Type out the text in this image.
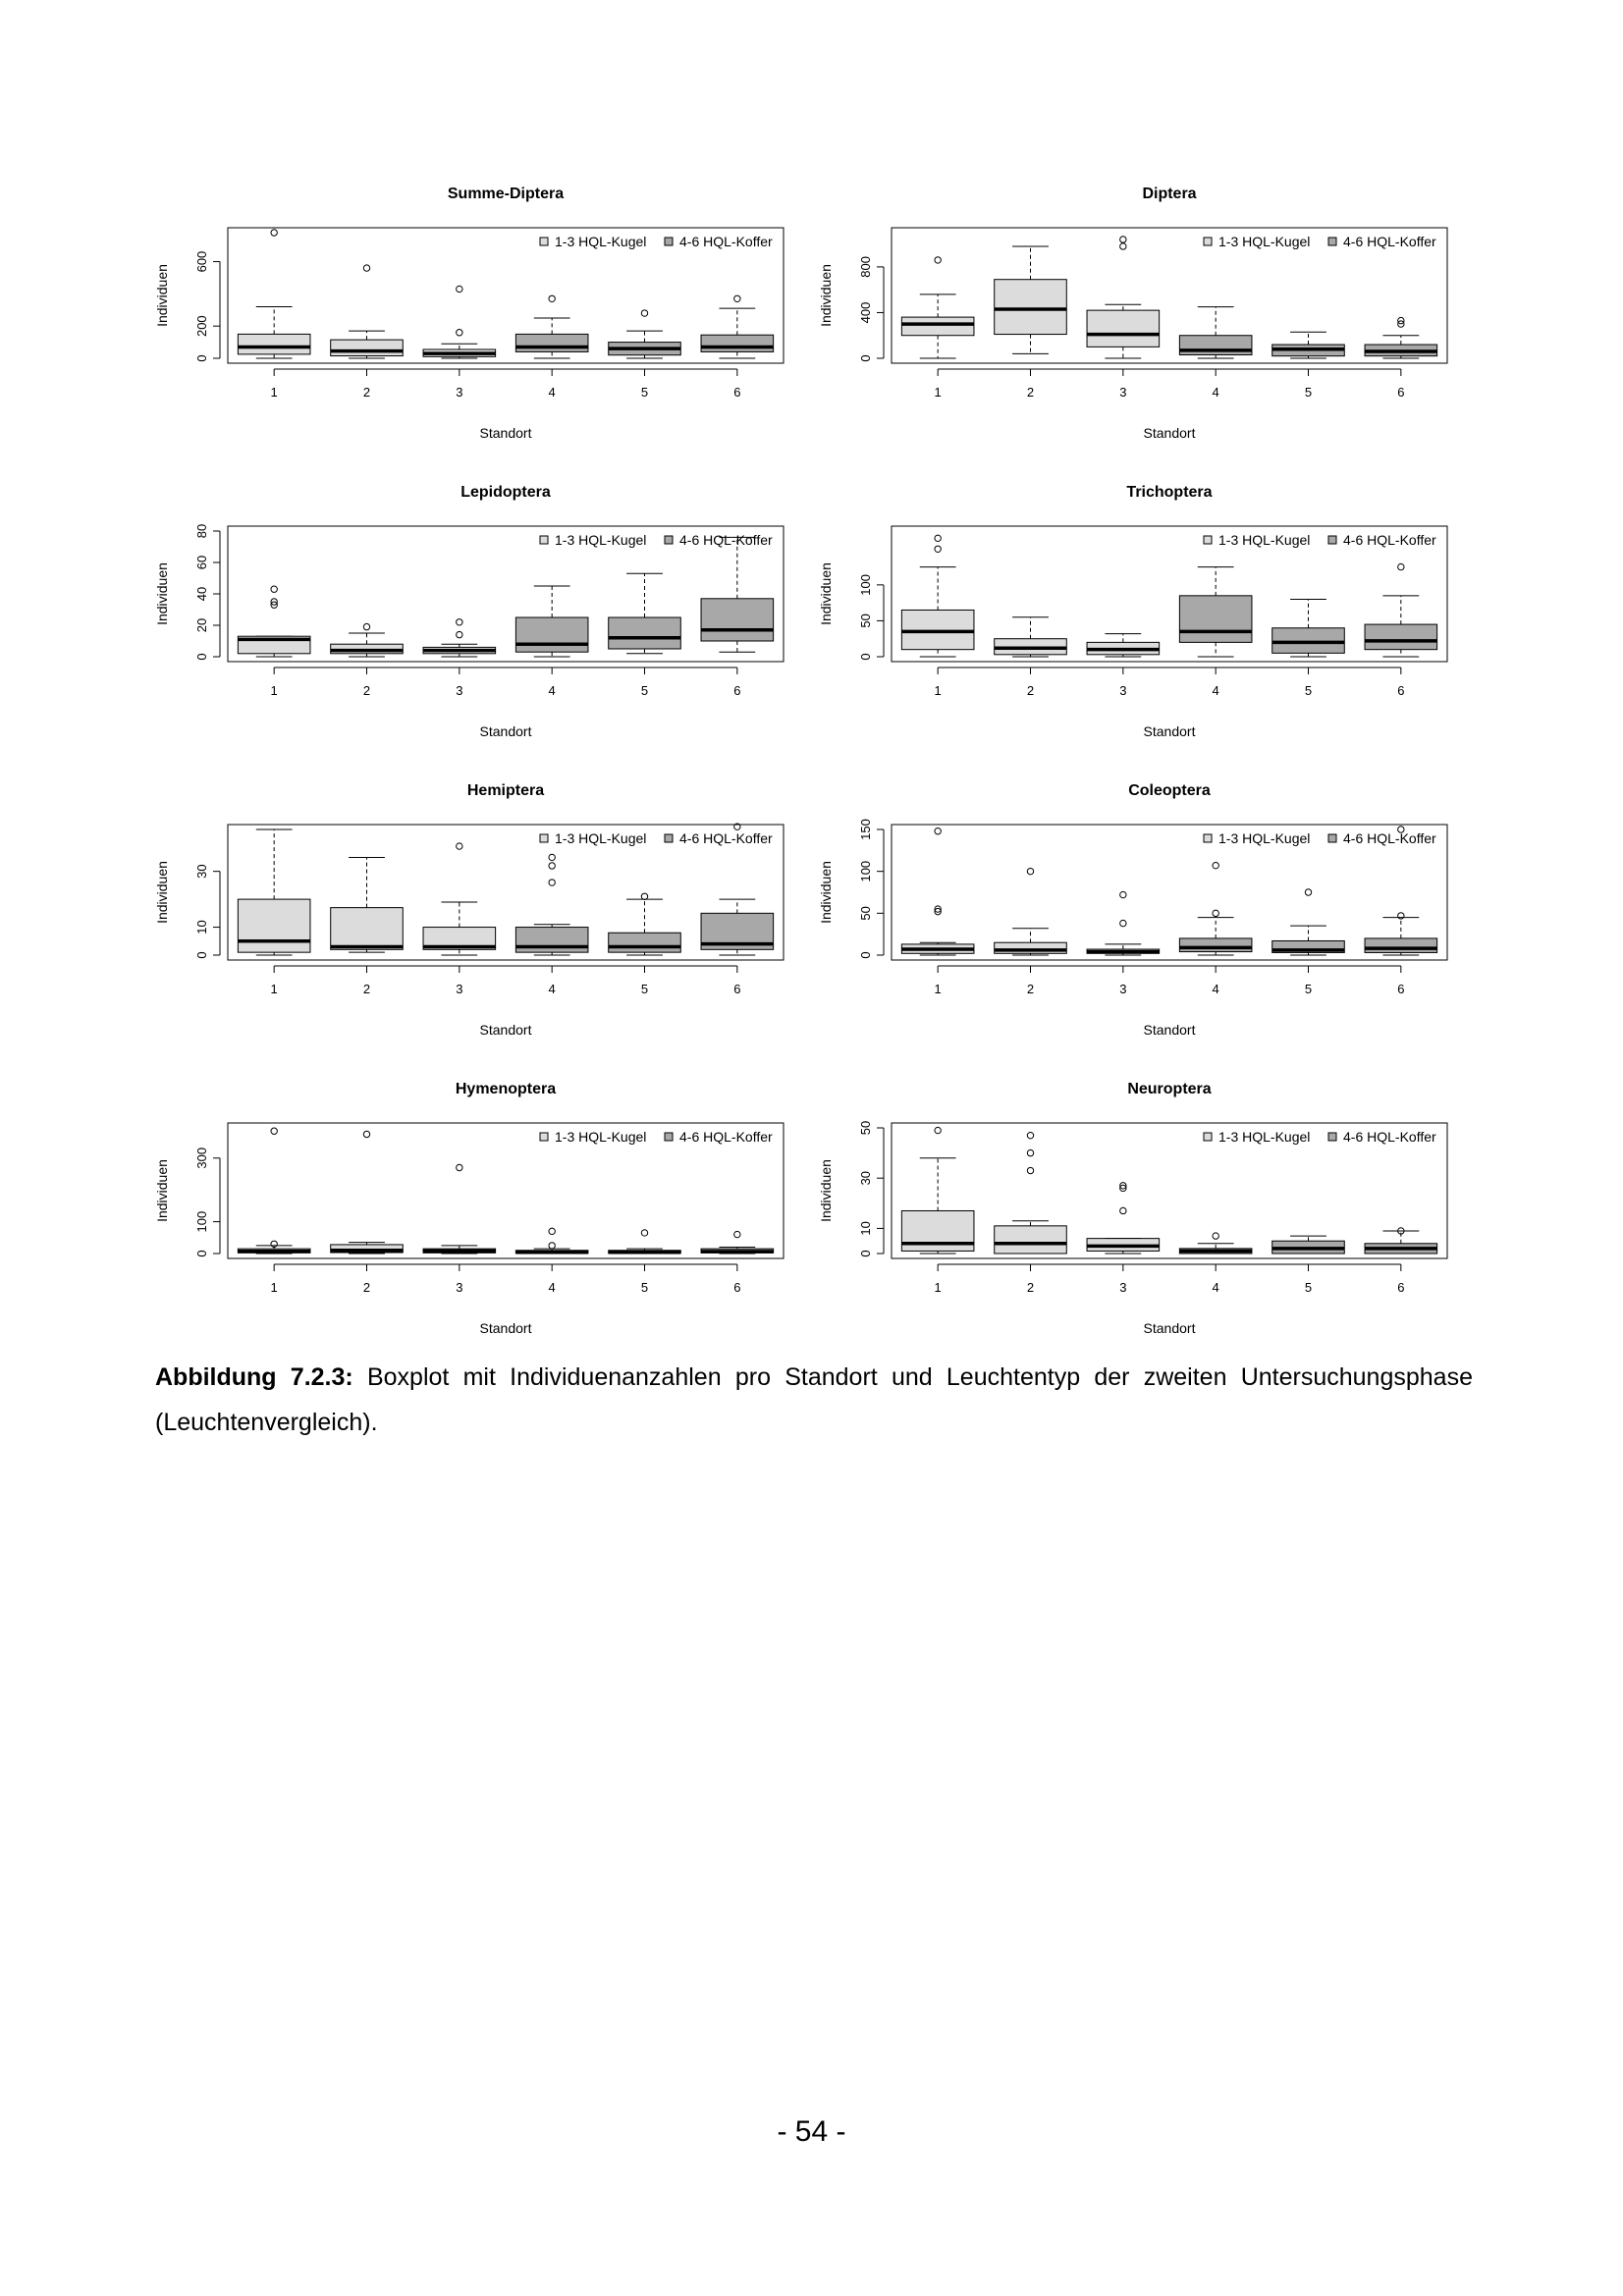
Summe-Diptera
0
200
600
Individuen
1	2	3	4	5	6
Standort
1-3 HQL-Kugel 4-6 HQL-Koffer
Diptera
0
400
800
Individuen
1	2	3	4	5	6
Standort
1-3 HQL-Kugel 4-6 HQL-Koffer
Lepidoptera
0
20
40
60
80
Individuen
1	2	3	4	5	6
Standort
1-3 HQL-Kugel 4-6 HQL-Koffer
Trichoptera
0
50
100
Individuen
1	2	3	4	5	6
Standort
1-3 HQL-Kugel 4-6 HQL-Koffer
Hemiptera
0
10
30
Individuen
1	2	3	4	5	6
Standort
1-3 HQL-Kugel 4-6 HQL-Koffer
Coleoptera
0
50
100
150
Individuen
1	2	3	4	5	6
Standort
1-3 HQL-Kugel 4-6 HQL-Koffer
Hymenoptera
0
100
300
Individuen
1	2	3	4	5	6
Standort
1-3 HQL-Kugel 4-6 HQL-Koffer
Neuroptera
0
10
30
50
Individuen
1	2	3	4	5	6
Standort
1-3 HQL-Kugel 4-6 HQL-Koffer
Abbildung 7.2.3: Boxplot mit Individuenanzahlen pro Standort und Leuchtentyp der zweiten Untersuchungsphase (Leuchtenvergleich).
- 54 -
